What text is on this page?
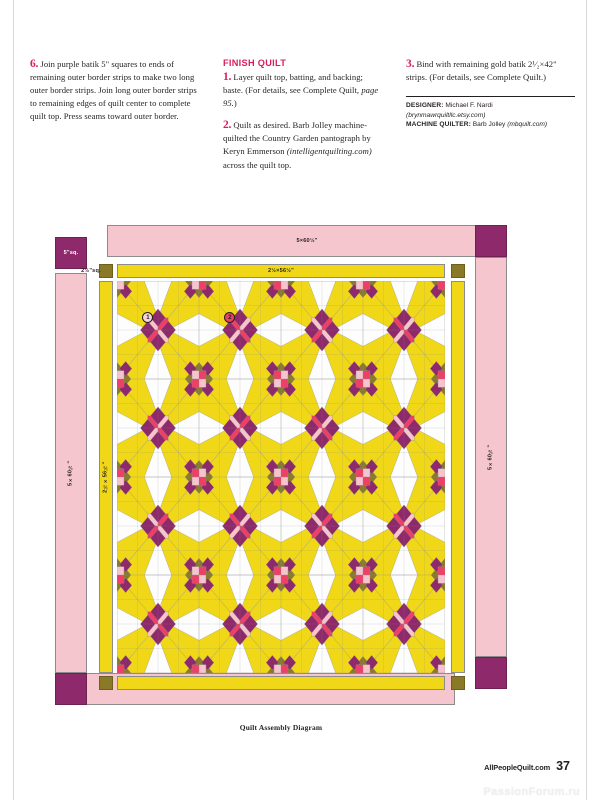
6. Join purple batik 5" squares to ends of remaining outer border strips to make two long outer border strips. Join long outer border strips to remaining edges of quilt center to complete quilt top. Press seams toward outer border.

FINISH QUILT

1. Layer quilt top, batting, and backing; baste. (For details, see Complete Quilt, page 95.)

2. Quilt as desired. Barb Jolley machine-quilted the Country Garden pantograph by Keryn Emmerson (intelligentquilting.com) across the quilt top.

3. Bind with remaining gold batik 2¹⁄₂×42" strips. (For details, see Complete Quilt.)

DESIGNER: Michael F. Nardi
(brynmawrquiltllc.etsy.com)
MACHINE QUILTER: Barb Jolley (mbquilt.com)
5×60½"
5×60½"
5×60½"
5" sq.
2½×56½"
2½×56½"
2½" sq.
1	2
Quilt Assembly Diagram
AllPeopleQuilt.com 37
PassionForum.ru
